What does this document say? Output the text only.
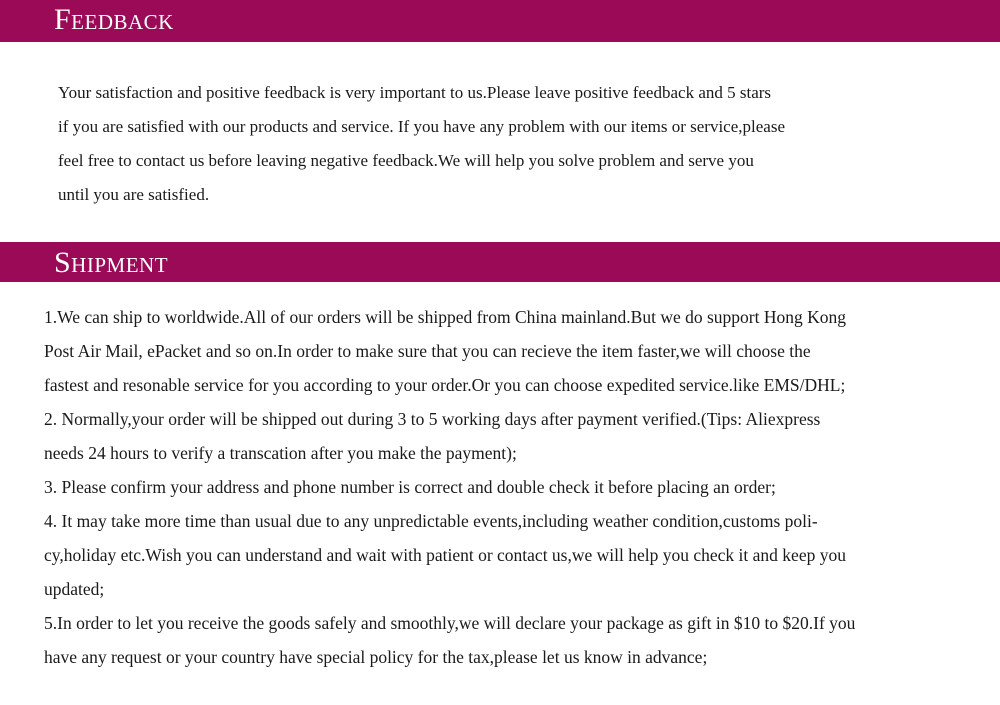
Feedback
Your satisfaction and positive feedback is very important to us.Please leave positive feedback and 5 stars
if you are satisfied with our products and service. If you have any problem with our items or service,please
feel free to contact us before leaving negative feedback.We will help you solve problem and serve you
until you are satisfied.
Shipment
1.We can ship to worldwide.All of our orders will be shipped from China mainland.But we do support Hong Kong
Post Air Mail, ePacket and so on.In order to make sure that you can recieve the item faster,we will choose the
fastest and resonable service for you according to your order.Or you can choose expedited service.like EMS/DHL;
2. Normally,your order will be shipped out during 3 to 5 working days after payment verified.(Tips: Aliexpress
needs 24 hours to verify a transcation after you make the payment);
3. Please confirm your address and phone number is correct and double check it before placing an order;
4. It may take more time than usual due to any unpredictable events,including weather condition,customs poli-
cy,holiday etc.Wish you can understand and wait with patient or contact us,we will help you check it and keep you
updated;
5.In order to let you receive the goods safely and smoothly,we will declare your package as gift in $10 to $20.If you
have any request or your country have special policy for the tax,please let us know in advance;
